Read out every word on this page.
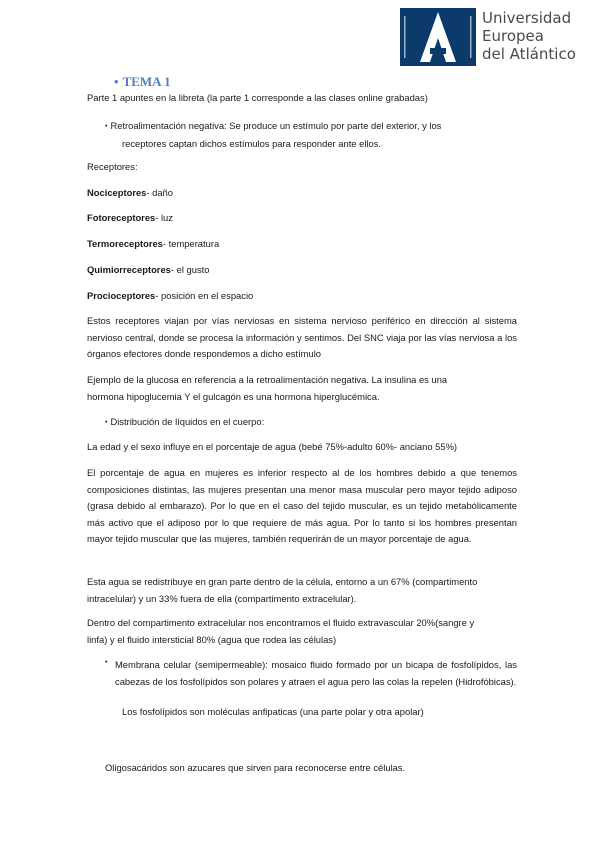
Universidad
Europea
del Atlántico
• TEMA 1

Parte 1 apuntes en la libreta (la parte 1 corresponde a las clases online grabadas)

• Retroalimentación negativa: Se produce un estímulo por parte del exterior, y los
receptores captan dichos estímulos para responder ante ellos.

Receptores:

Nociceptores- daño

Fotoreceptores- luz

Termoreceptores- temperatura

Quimiorreceptores- el gusto

Procioceptores- posición en el espacio

Estos receptores viajan por vías nerviosas en sistema nervioso periférico en dirección al sistema nervioso central, donde se procesa la información y sentimos. Del SNC viaja por las vías nerviosa a los órganos efectores donde respondemos a dicho estímulo

Ejemplo de la glucosa en referencia a la retroalimentación negativa. La insulina es una
hormona hipoglucemia Y el gulcagón es una hormona hiperglucémica.

• Distribución de líquidos en el cuerpo:

La edad y el sexo influye en el porcentaje de agua (bebé 75%-adulto 60%- anciano 55%)

El porcentaje de agua en mujeres es inferior respecto al de los hombres debido a que tenemos composiciones distintas, las mujeres presentan una menor masa muscular pero mayor tejido adiposo (grasa debido al embarazo). Por lo que en el caso del tejido muscular, es un tejido metabólicamente más activo que el adiposo por lo que requiere de más agua. Por lo tanto si los hombres presentan mayor tejido muscular que las mujeres, también requerirán de un mayor porcentaje de agua.

Esta agua se redistribuye en gran parte dentro de la célula, entorno a un 67% (compartimento
intracelular) y un 33% fuera de ella (compartimento extracelular).
Dentro del compartimento extracelular nos encontramos el fluido extravascular 20%(sangre y
linfa) y el fluido intersticial 80% (agua que rodea las células)
• Membrana celular (semipermeable): mosaico fluido formado por un bicapa de fosfolípidos, las cabezas de los fosfolípidos son polares y atraen el agua pero las colas la repelen (Hidrofóbicas).

Los fosfolípidos son moléculas anfipaticas (una parte polar y otra apolar)

Oligosacáridos son azucares que sirven para reconocerse entre células.
